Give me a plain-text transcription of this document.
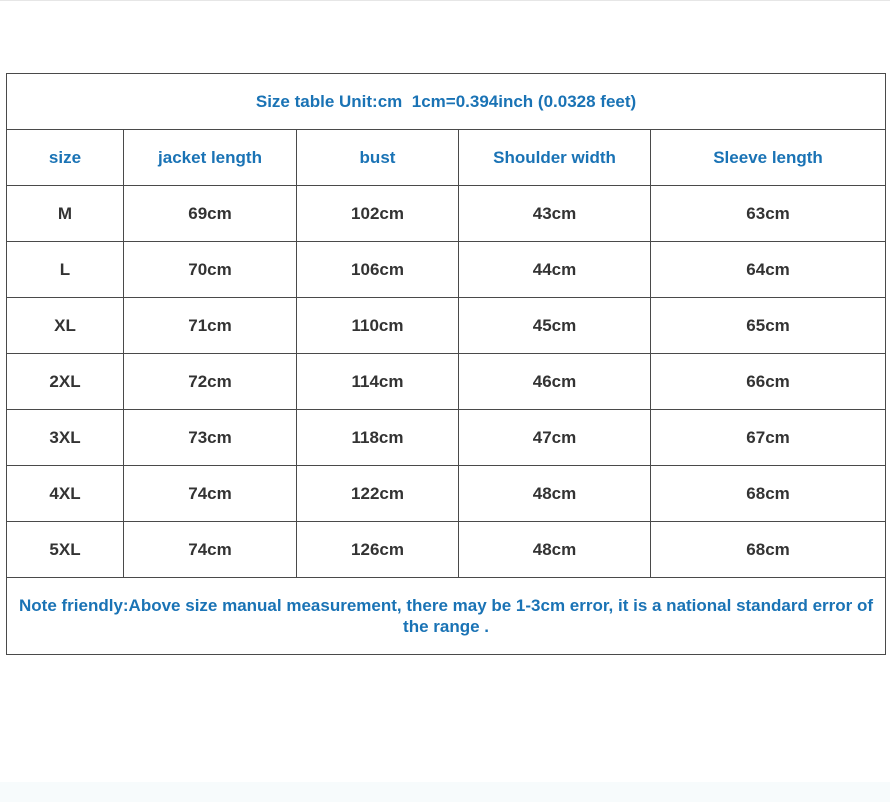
Size table Unit:cm  1cm=0.394inch (0.0328 feet)				
size	jacket length	bust	Shoulder width	Sleeve length
M	69cm	102cm	43cm	63cm
L	70cm	106cm	44cm	64cm
XL	71cm	110cm	45cm	65cm
2XL	72cm	114cm	46cm	66cm
3XL	73cm	118cm	47cm	67cm
4XL	74cm	122cm	48cm	68cm
5XL	74cm	126cm	48cm	68cm
Note friendly:Above size manual measurement, there may be 1-3cm error, it is a national standard error of the range .				
